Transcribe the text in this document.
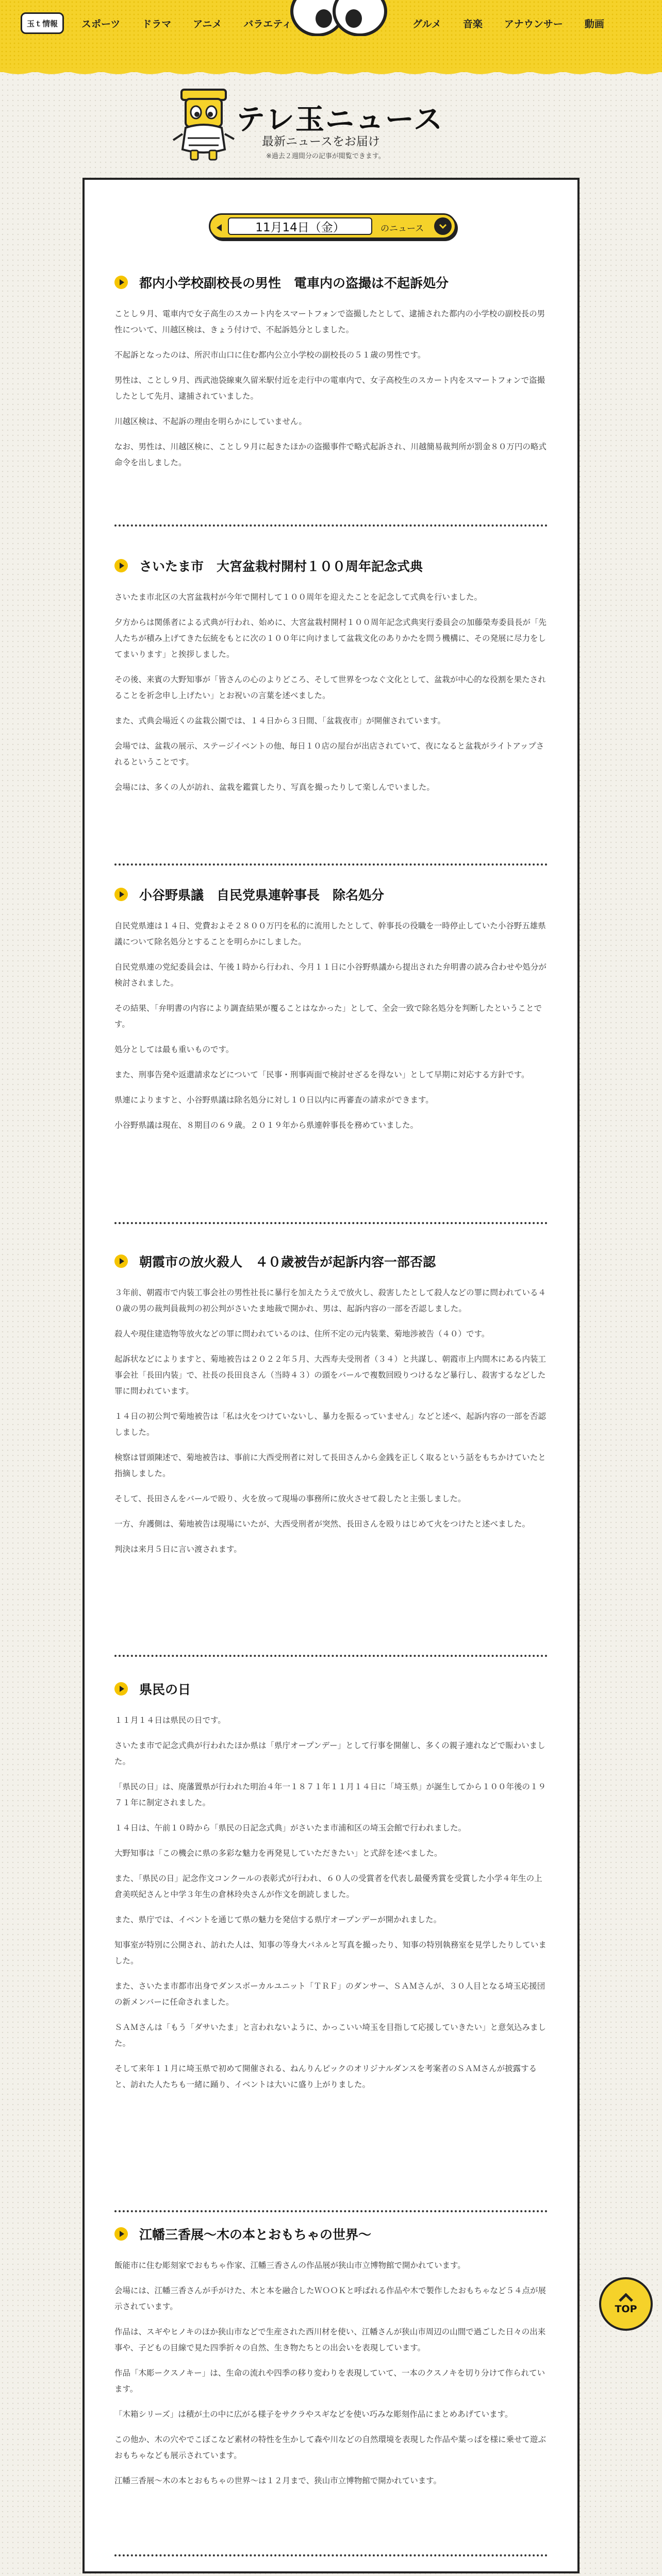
玉ｔ情報 スポーツ ドラマ アニメ バラエティ	グルメ 音楽 アナウンサー 動画
テレ玉ニュース
最新ニュースをお届け
※過去２週間分の記事が閲覧できます。
11月14日（金）	のニュース
都内小学校副校長の男性　電車内の盗撮は不起訴処分

ことし９月、電車内で女子高生のスカート内をスマートフォンで盗撮したとして、逮捕された都内の小学校の副校長の男性について、川越区検は、きょう付けで、不起訴処分としました。

不起訴となったのは、所沢市山口に住む都内公立小学校の副校長の５１歳の男性です。

男性は、ことし９月、西武池袋線東久留米駅付近を走行中の電車内で、女子高校生のスカート内をスマートフォンで盗撮したとして先月、逮捕されていました。

川越区検は、不起訴の理由を明らかにしていません。

なお、男性は、川越区検に、ことし９月に起きたほかの盗撮事件で略式起訴され、川越簡易裁判所が罰金８０万円の略式命令を出しました。

さいたま市　大宮盆栽村開村１００周年記念式典

さいたま市北区の大宮盆栽村が今年で開村して１００周年を迎えたことを記念して式典を行いました。

夕方からは関係者による式典が行われ、始めに、大宮盆栽村開村１００周年記念式典実行委員会の加藤榮寿委員長が「先人たちが積み上げてきた伝統をもとに次の１００年に向けまして盆栽文化のありかたを問う機構に、その発展に尽力をしてまいります」と挨拶しました。

その後、来賓の大野知事が「皆さんの心のよりどころ、そして世界をつなぐ文化として、盆栽が中心的な役割を果たされることを祈念申し上げたい」とお祝いの言葉を述べました。

また、式典会場近くの盆栽公園では、１４日から３日間、「盆栽夜市」が開催されています。

会場では、盆栽の展示、ステージイベントの他、毎日１０店の屋台が出店されていて、夜になると盆栽がライトアップされるということです。

会場には、多くの人が訪れ、盆栽を鑑賞したり、写真を撮ったりして楽しんでいました。

小谷野県議　自民党県連幹事長　除名処分

自民党県連は１４日、党費およそ２８００万円を私的に流用したとして、幹事長の役職を一時停止していた小谷野五雄県議について除名処分とすることを明らかにしました。

自民党県連の党紀委員会は、午後１時から行われ、今月１１日に小谷野県議から提出された弁明書の読み合わせや処分が検討されました。

その結果、「弁明書の内容により調査結果が覆ることはなかった」として、全会一致で除名処分を判断したということです。

処分としては最も重いものです。

また、刑事告発や返還請求などについて「民事・刑事両面で検討せざるを得ない」として早期に対応する方針です。

県連によりますと、小谷野県議は除名処分に対し１０日以内に再審査の請求ができます。

小谷野県議は現在、８期目の６９歳。２０１９年から県連幹事長を務めていました。

朝霞市の放火殺人　４０歳被告が起訴内容一部否認

３年前、朝霞市で内装工事会社の男性社長に暴行を加えたうえで放火し、殺害したとして殺人などの罪に問われている４０歳の男の裁判員裁判の初公判がさいたま地裁で開かれ、男は、起訴内容の一部を否認しました。

殺人や現住建造物等放火などの罪に問われているのは、住所不定の元内装業、菊地渉被告（４０）です。

起訴状などによりますと、菊地被告は２０２２年５月、大西寿夫受刑者（３４）と共謀し、朝霞市上内間木にある内装工事会社「長田内装」で、社長の長田良さん（当時４３）の頭をバールで複数回殴りつけるなど暴行し、殺害するなどした罪に問われています。

１４日の初公判で菊地被告は「私は火をつけていないし、暴力を振るっていません」などと述べ、起訴内容の一部を否認しました。

検察は冒頭陳述で、菊地被告は、事前に大西受刑者に対して長田さんから金銭を正しく取るという話をもちかけていたと指摘しました。

そして、長田さんをバールで殴り、火を放って現場の事務所に放火させて殺したと主張しました。

一方、弁護側は、菊地被告は現場にいたが、大西受刑者が突然、長田さんを殴りはじめて火をつけたと述べました。

判決は来月５日に言い渡されます。

県民の日

１１月１４日は県民の日です。

さいたま市で記念式典が行われたほか県は「県庁オープンデー」として行事を開催し、多くの親子連れなどで賑わいました。

「県民の日」は、廃藩置県が行われた明治４年一１８７１年１１月１４日に「埼玉県」が誕生してから１００年後の１９７１年に制定されました。

１４日は、午前１０時から「県民の日記念式典」がさいたま市浦和区の埼玉会館で行われました。

大野知事は「この機会に県の多彩な魅力を再発見していただきたい」と式辞を述べました。

また、「県民の日」記念作文コンクールの表彰式が行われ、６０人の受賞者を代表し最優秀賞を受賞した小学４年生の上倉美咲紀さんと中学３年生の倉林玲央さんが作文を朗読しました。

また、県庁では、イベントを通じて県の魅力を発信する県庁オープンデーが開かれました。

知事室が特別に公開され、訪れた人は、知事の等身大パネルと写真を撮ったり、知事の特別執務室を見学したりしていました。

また、さいたま市都市出身でダンスボーカルユニット「ＴＲＦ」のダンサー、ＳＡＭさんが、３０人目となる埼玉応援団の新メンバーに任命されました。

ＳＡＭさんは「もう「ダサいたま」と言われないように、かっこいい埼玉を目指して応援していきたい」と意気込みました。

そして来年１１月に埼玉県で初めて開催される、ねんりんピックのオリジナルダンスを考案者のＳＡＭさんが披露すると、訪れた人たちも一緒に踊り、イベントは大いに盛り上がりました。

江幡三香展～木の本とおもちゃの世界～

飯能市に住む彫刻家でおもちゃ作家、江幡三香さんの作品展が狭山市立博物館で開かれています。

会場には、江幡三香さんが手がけた、木と本を融合したＷＯＯＫと呼ばれる作品や木で製作したおもちゃなど５４点が展示されています。

作品は、スギやヒノキのほか狭山市などで生産された西川材を使い、江幡さんが狭山市周辺の山間で過ごした日々の出来事や、子どもの目線で見た四季折々の自然、生き物たちとの出会いを表現しています。

作品「木彫ークスノキー」は、生命の流れや四季の移り変わりを表現していて、一本のクスノキを切り分けて作られています。

「木箱シリーズ」は積が土の中に広がる様子をサクラやスギなどを使い巧みな彫刻作品にまとめあげています。

この他か、木の穴やでこぼこなど素材の特性を生かして森や川などの自然環境を表現した作品や葉っぱを様に乗せて遊ぶおもちゃなども展示されています。

江幡三香展～木の本とおもちゃの世界～は１２月まで、狭山市立博物館で開かれています。

TOP
